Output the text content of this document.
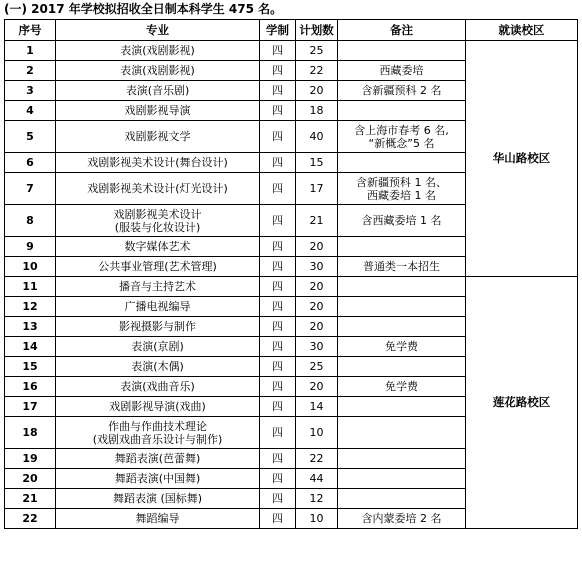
(一) 2017 年学校拟招收全日制本科学生 475 名。
序号	专业	学制	计划数	备注	就读校区

1	表演(戏剧影视)	四	25		华山路校区

2	表演(戏剧影视)	四	22	西藏委培	

3	表演(音乐剧)	四	20	含新疆预科 2 名	

4	戏剧影视导演	四	18		

5	戏剧影视文学	四	40	含上海市春考 6 名,
“新概念”5 名	

6	戏剧影视美术设计(舞台设计)	四	15		

7	戏剧影视美术设计(灯光设计)	四	17	含新疆预科 1 名、
西藏委培 1 名	

8	戏剧影视美术设计
(服装与化妆设计)	四	21	含西藏委培 1 名	

9	数字媒体艺术	四	20		

10	公共事业管理(艺术管理)	四	30	普通类一本招生	

11	播音与主持艺术	四	20		莲花路校区

12	广播电视编导	四	20		

13	影视摄影与制作	四	20		

14	表演(京剧)	四	30	免学费	

15	表演(木偶)	四	25		

16	表演(戏曲音乐)	四	20	免学费	

17	戏剧影视导演(戏曲)	四	14		

18	作曲与作曲技术理论
(戏剧戏曲音乐设计与制作)	四	10		

19	舞蹈表演(芭蕾舞)	四	22		

20	舞蹈表演(中国舞)	四	44		

21	舞蹈表演 (国标舞)	四	12		

22	舞蹈编导	四	10	含内蒙委培 2 名	
